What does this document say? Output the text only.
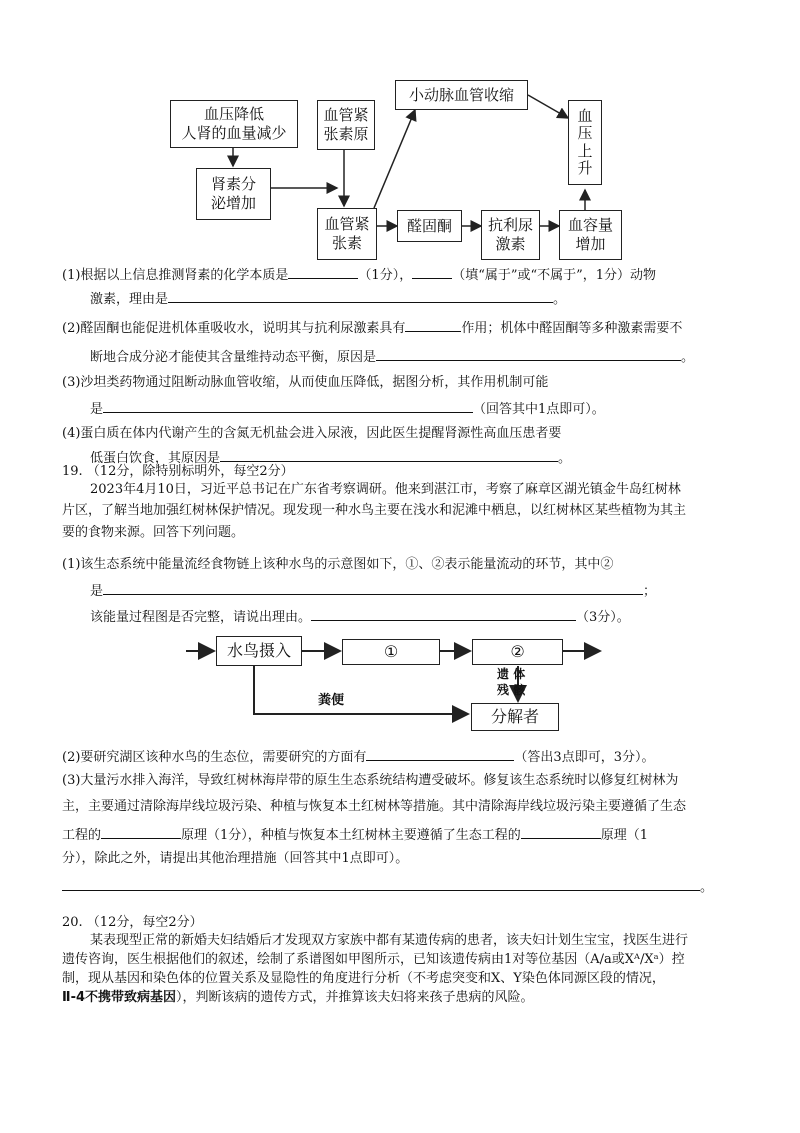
血压降低
人肾的血量减少
肾素分
泌增加
血管紧
张素原
血管紧
张素
小动脉血管收缩
醛固酮 抗利尿
激素
血容量
增加
血
压
上
升
(1)根据以上信息推测肾素的化学本质是	（1分），	（填“属于”或“不属于”，1分）动物
激素，理由是	。
(2)醛固酮也能促进机体重吸收水，说明其与抗利尿激素具有	作用；机体中醛固酮等多种激素需要不
断地合成分泌才能使其含量维持动态平衡，原因是	。
(3)沙坦类药物通过阻断动脉血管收缩，从而使血压降低，据图分析，其作用机制可能
是	（回答其中1点即可）。
(4)蛋白质在体内代谢产生的含氮无机盐会进入尿液，因此医生提醒肾源性高血压患者要
低蛋白饮食，其原因是	。
19. （12分，除特别标明外，每空2分）
2023年4月10日，习近平总书记在广东省考察调研。他来到湛江市，考察了麻章区湖光镇金牛岛红树林
片区，了解当地加强红树林保护情况。现发现一种水鸟主要在浅水和泥滩中栖息，以红树林区某些植物为其主
要的食物来源。回答下列问题。
(1)该生态系统中能量流经食物链上该种水鸟的示意图如下，①、②表示能量流动的环节，其中②
是	；
该能量过程图是否完整，请说出理由。	（3分）。
水鸟摄入	①	②
遗 体
残 骸
粪便
分解者
(2)要研究湖区该种水鸟的生态位，需要研究的方面有	（答出3点即可，3分）。
(3)大量污水排入海洋，导致红树林海岸带的原生生态系统结构遭受破坏。修复该生态系统时以修复红树林为
主，主要通过清除海岸线垃圾污染、种植与恢复本土红树林等措施。其中清除海岸线垃圾污染主要遵循了生态
工程的	原理（1分），种植与恢复本土红树林主要遵循了生态工程的	原理（1
分），除此之外，请提出其他治理措施（回答其中1点即可）。
。
20. （12分，每空2分）
某表现型正常的新婚夫妇结婚后才发现双方家族中都有某遗传病的患者，该夫妇计划生宝宝，找医生进行
遗传咨询，医生根据他们的叙述，绘制了系谱图如甲图所示，已知该遗传病由1对等位基因（A/a或Xᴬ/Xᵃ）控
制，现从基因和染色体的位置关系及显隐性的角度进行分析（不考虑突变和X、Y染色体同源区段的情况，
Ⅱ-4不携带致病基因），判断该病的遗传方式，并推算该夫妇将来孩子患病的风险。
